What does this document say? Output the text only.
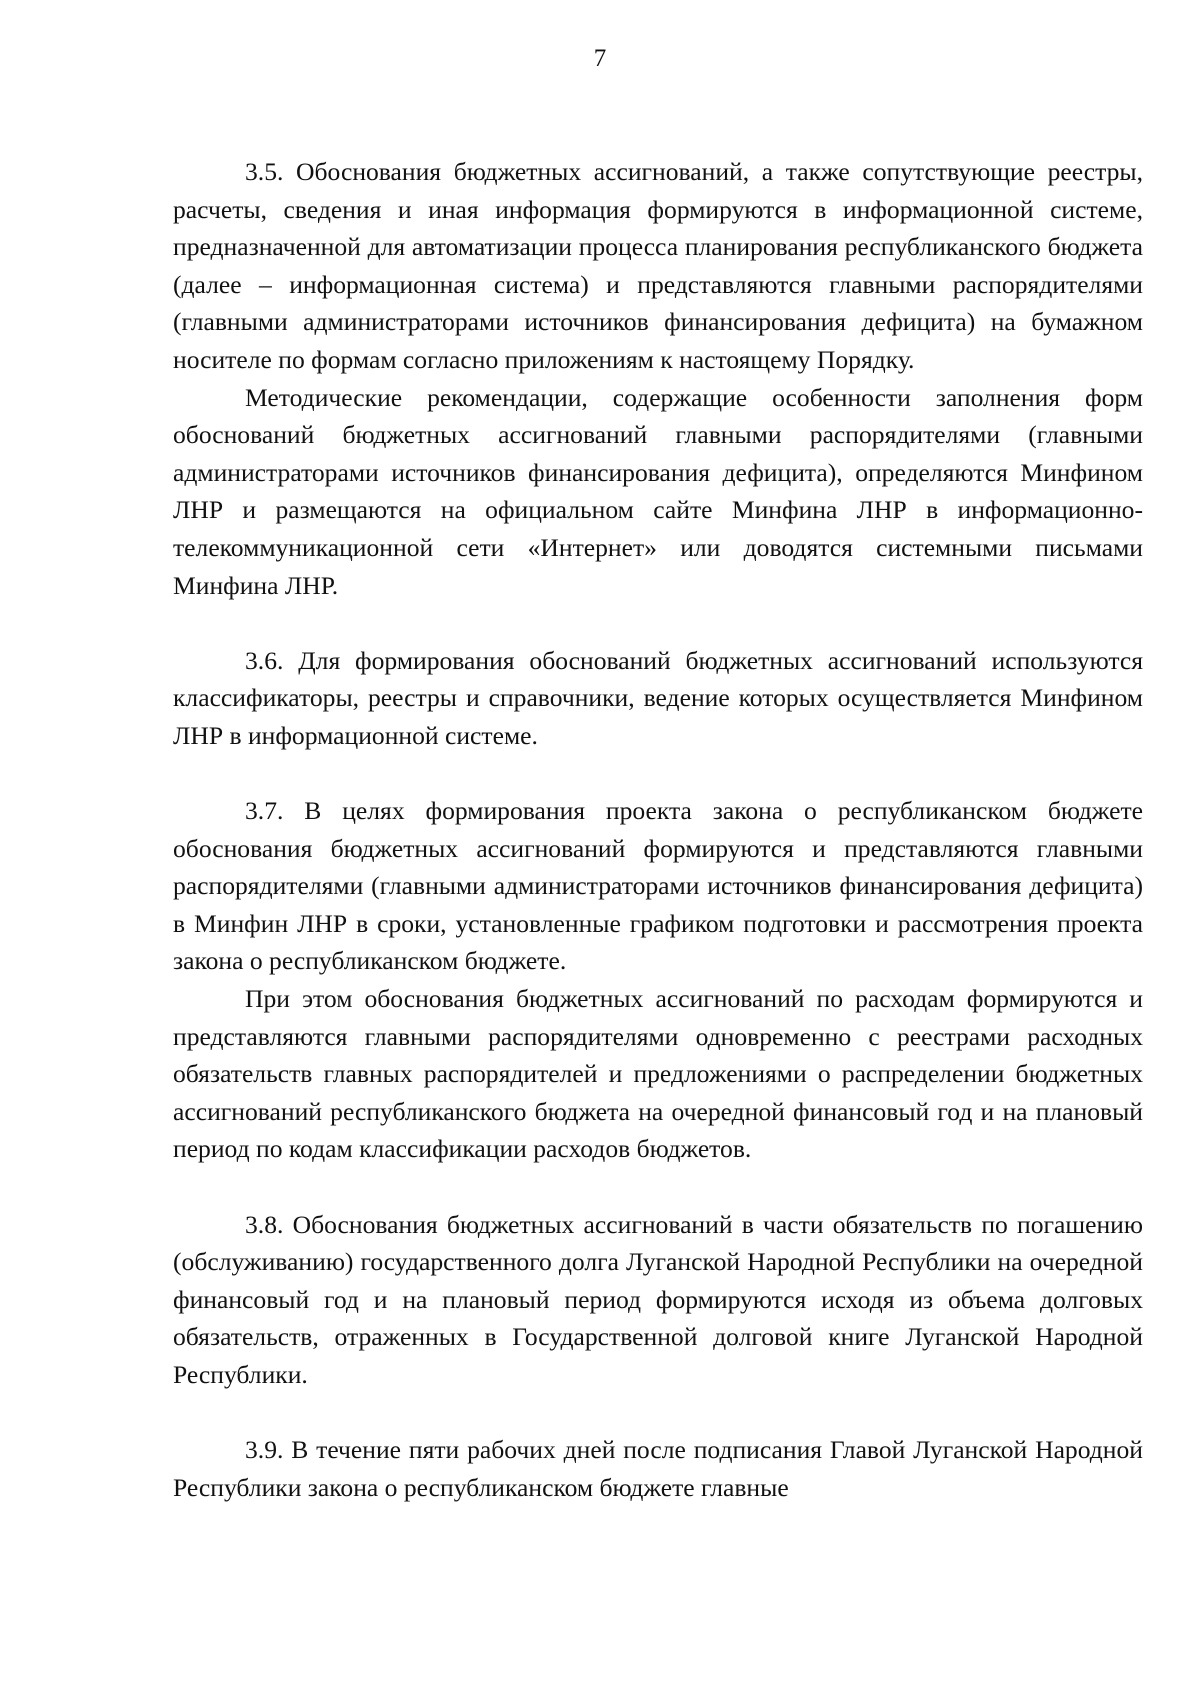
7

3.5. Обоснования бюджетных ассигнований, а также сопутствующие реестры, расчеты, сведения и иная информация формируются в информационной системе, предназначенной для автоматизации процесса планирования республиканского бюджета (далее – информационная система) и представляются главными распорядителями (главными администраторами источников финансирования дефицита) на бумажном носителе по формам согласно приложениям к настоящему Порядку.

Методические рекомендации, содержащие особенности заполнения форм обоснований бюджетных ассигнований главными распорядителями (главными администраторами источников финансирования дефицита), определяются Минфином ЛНР и размещаются на официальном сайте Минфина ЛНР в информационно-телекоммуникационной сети «Интернет» или доводятся системными письмами Минфина ЛНР.

3.6. Для формирования обоснований бюджетных ассигнований используются классификаторы, реестры и справочники, ведение которых осуществляется Минфином ЛНР в информационной системе.

3.7. В целях формирования проекта закона о республиканском бюджете обоснования бюджетных ассигнований формируются и представляются главными распорядителями (главными администраторами источников финансирования дефицита) в Минфин ЛНР в сроки, установленные графиком подготовки и рассмотрения проекта закона о республиканском бюджете.

При этом обоснования бюджетных ассигнований по расходам формируются и представляются главными распорядителями одновременно с реестрами расходных обязательств главных распорядителей и предложениями о распределении бюджетных ассигнований республиканского бюджета на очередной финансовый год и на плановый период по кодам классификации расходов бюджетов.

3.8. Обоснования бюджетных ассигнований в части обязательств по погашению (обслуживанию) государственного долга Луганской Народной Республики на очередной финансовый год и на плановый период формируются исходя из объема долговых обязательств, отраженных в Государственной долговой книге Луганской Народной Республики.

3.9. В течение пяти рабочих дней после подписания Главой Луганской Народной Республики закона о республиканском бюджете главные
